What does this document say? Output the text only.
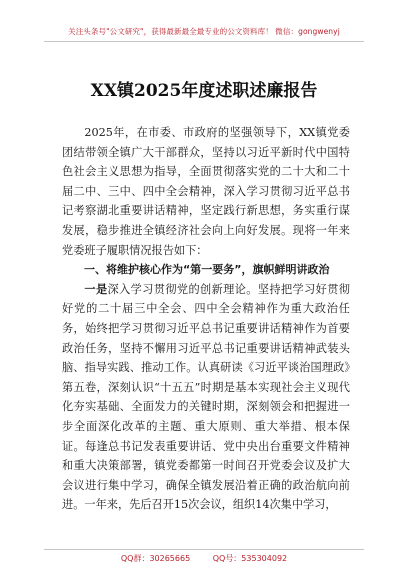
关注头条号"公文研究"，获得最新最全最专业的公文资料库！ 微信：gongwenyj
XX镇2025年度述职述廉报告

2025年，在市委、市政府的坚强领导下，XX镇党委团结带领全镇广大干部群众，坚持以习近平新时代中国特色社会主义思想为指导，全面贯彻落实党的二十大和二十届二中、三中、四中全会精神，深入学习贯彻习近平总书记考察湖北重要讲话精神，坚定践行新思想，务实重行谋发展，稳步推进全镇经济社会向上向好发展。现将一年来党委班子履职情况报告如下：

一、将维护核心作为“第一要务”，旗帜鲜明讲政治

一是深入学习贯彻党的创新理论。坚持把学习好贯彻好党的二十届三中全会、四中全会精神作为重大政治任务，始终把学习贯彻习近平总书记重要讲话精神作为首要政治任务，坚持不懈用习近平总书记重要讲话精神武装头脑、指导实践、推动工作。认真研读《习近平谈治国理政》第五卷，深刻认识“十五五”时期是基本实现社会主义现代化夯实基础、全面发力的关键时期，深刻领会和把握进一步全面深化改革的主题、重大原则、重大举措、根本保证。每逢总书记发表重要讲话、党中央出台重要文件精神和重大决策部署，镇党委都第一时间召开党委会议及扩大会议进行集中学习，确保全镇发展沿着正确的政治航向前进。一年来，先后召开15次会议，组织14次集中学习，

QQ群：30265665	QQ号：535304092
